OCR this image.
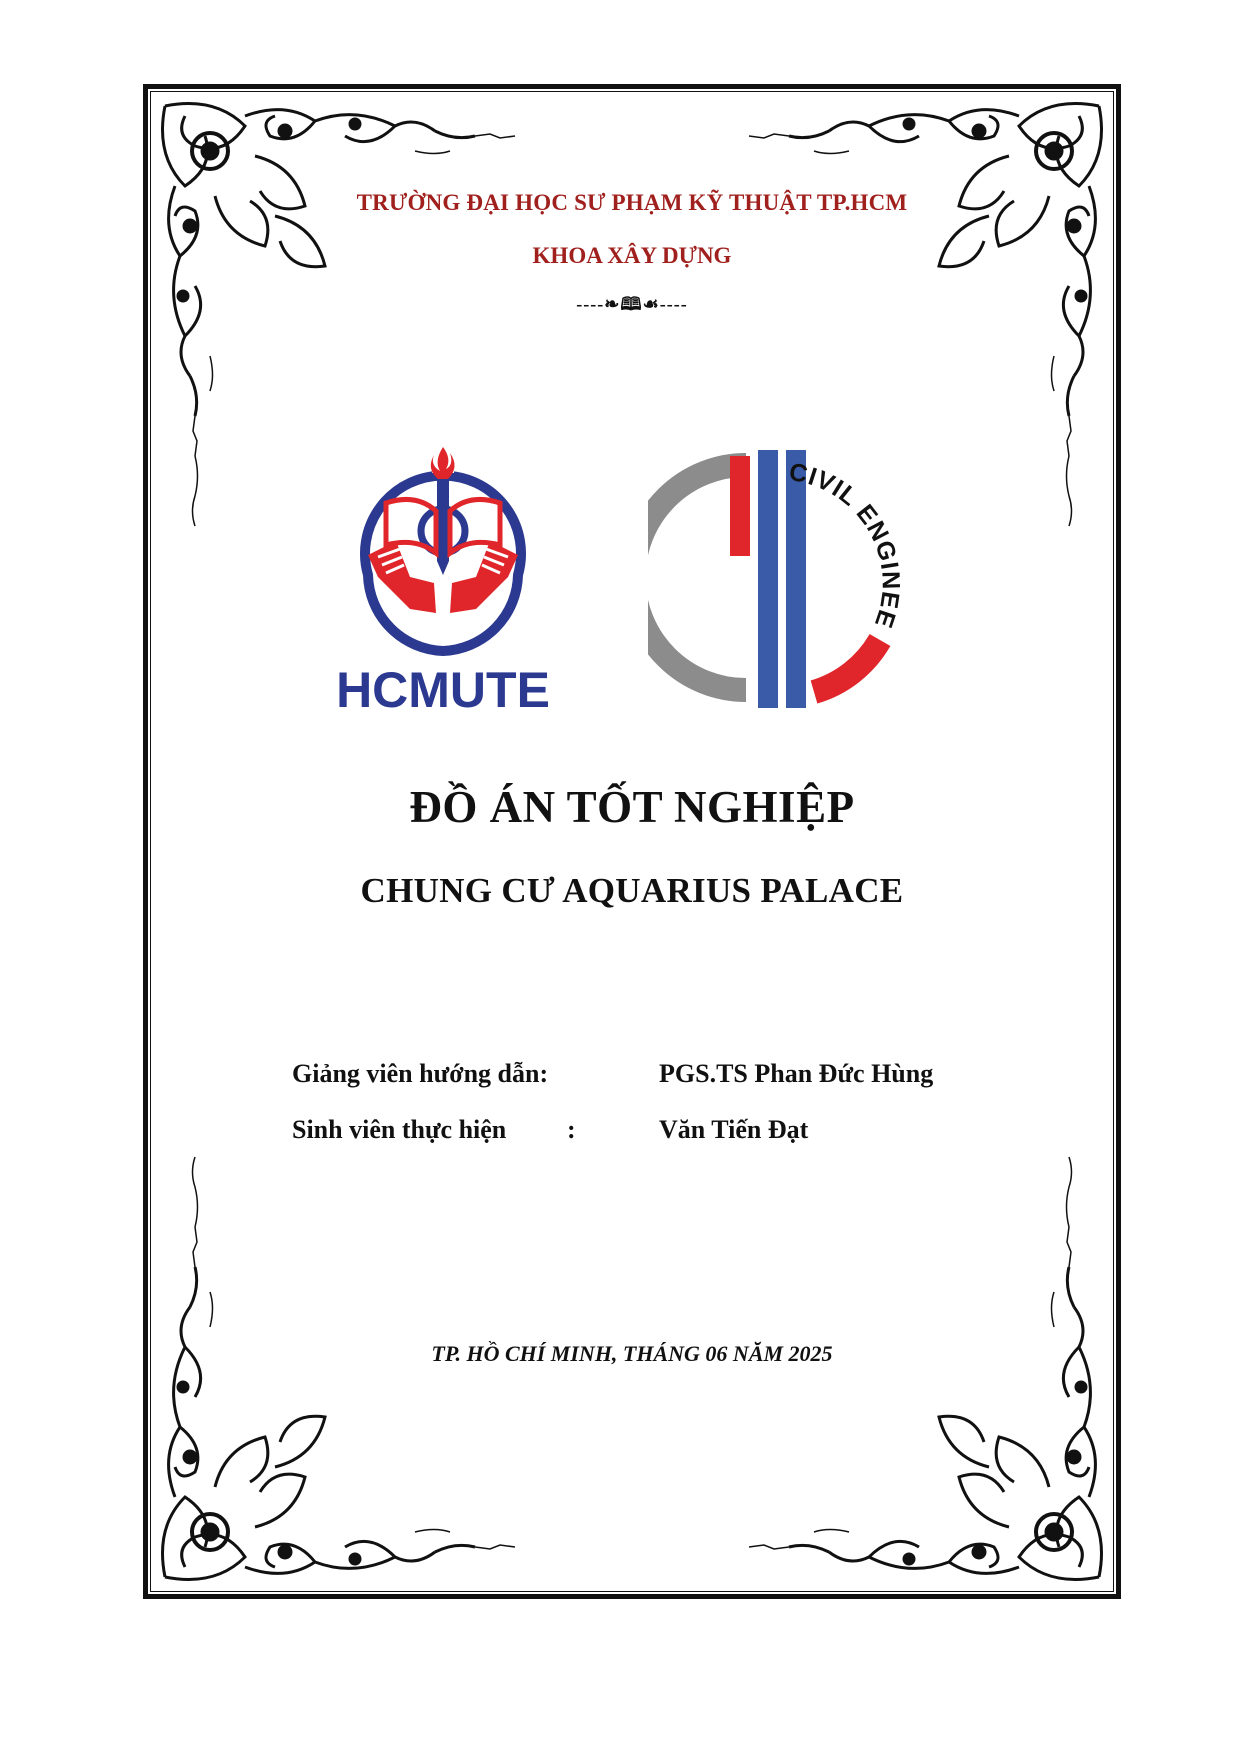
TRƯỜNG ĐẠI HỌC SƯ PHẠM KỸ THUẬT TP.HCM
KHOA XÂY DỰNG
----❧🕮☙----
HCMUTE
CIVIL ENGINEE
ĐỒ ÁN TỐT NGHIỆP
CHUNG CƯ AQUARIUS PALACE
Giảng viên hướng dẫn:	PGS.TS Phan Đức Hùng
Sinh viên thực hiện :	Văn Tiến Đạt
TP. HỒ CHÍ MINH, THÁNG 06 NĂM 2025
